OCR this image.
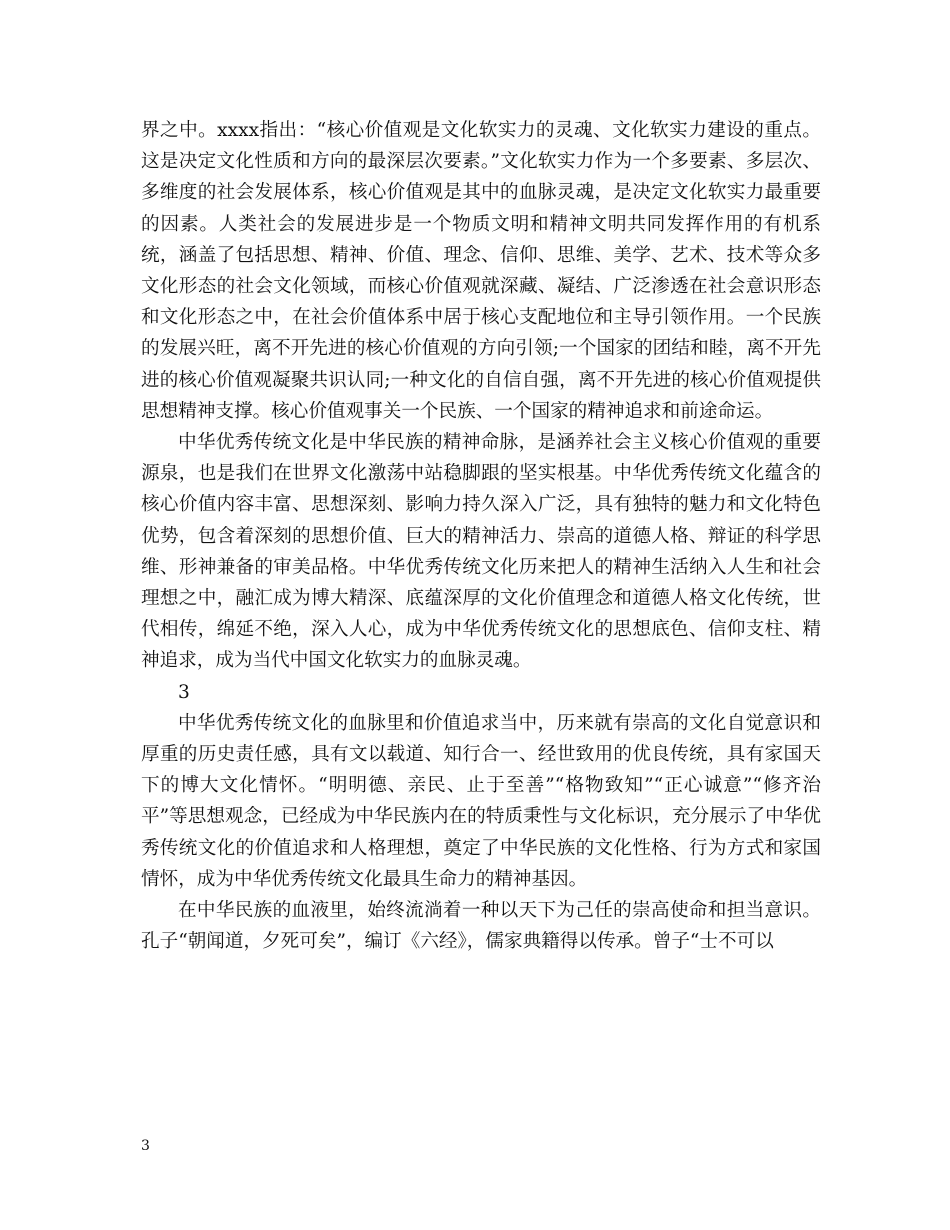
界之中。xxxx指出：“核心价值观是文化软实力的灵魂、文化软实力建设的重点。这是决定文化性质和方向的最深层次要素。”文化软实力作为一个多要素、多层次、多维度的社会发展体系，核心价值观是其中的血脉灵魂，是决定文化软实力最重要的因素。人类社会的发展进步是一个物质文明和精神文明共同发挥作用的有机系统，涵盖了包括思想、精神、价值、理念、信仰、思维、美学、艺术、技术等众多文化形态的社会文化领域，而核心价值观就深藏、凝结、广泛渗透在社会意识形态和文化形态之中，在社会价值体系中居于核心支配地位和主导引领作用。一个民族的发展兴旺，离不开先进的核心价值观的方向引领;一个国家的团结和睦，离不开先进的核心价值观凝聚共识认同;一种文化的自信自强，离不开先进的核心价值观提供思想精神支撑。核心价值观事关一个民族、一个国家的精神追求和前途命运。

中华优秀传统文化是中华民族的精神命脉，是涵养社会主义核心价值观的重要源泉，也是我们在世界文化激荡中站稳脚跟的坚实根基。中华优秀传统文化蕴含的核心价值内容丰富、思想深刻、影响力持久深入广泛，具有独特的魅力和文化特色优势，包含着深刻的思想价值、巨大的精神活力、崇高的道德人格、辩证的科学思维、形神兼备的审美品格。中华优秀传统文化历来把人的精神生活纳入人生和社会理想之中，融汇成为博大精深、底蕴深厚的文化价值理念和道德人格文化传统，世代相传，绵延不绝，深入人心，成为中华优秀传统文化的思想底色、信仰支柱、精神追求，成为当代中国文化软实力的血脉灵魂。

3

中华优秀传统文化的血脉里和价值追求当中，历来就有崇高的文化自觉意识和厚重的历史责任感，具有文以载道、知行合一、经世致用的优良传统，具有家国天下的博大文化情怀。“明明德、亲民、止于至善”“格物致知”“正心诚意”“修齐治平”等思想观念，已经成为中华民族内在的特质秉性与文化标识，充分展示了中华优秀传统文化的价值追求和人格理想，奠定了中华民族的文化性格、行为方式和家国情怀，成为中华优秀传统文化最具生命力的精神基因。

在中华民族的血液里，始终流淌着一种以天下为己任的崇高使命和担当意识。孔子“朝闻道，夕死可矣”，编订《六经》，儒家典籍得以传承。曾子“士不可以

3
